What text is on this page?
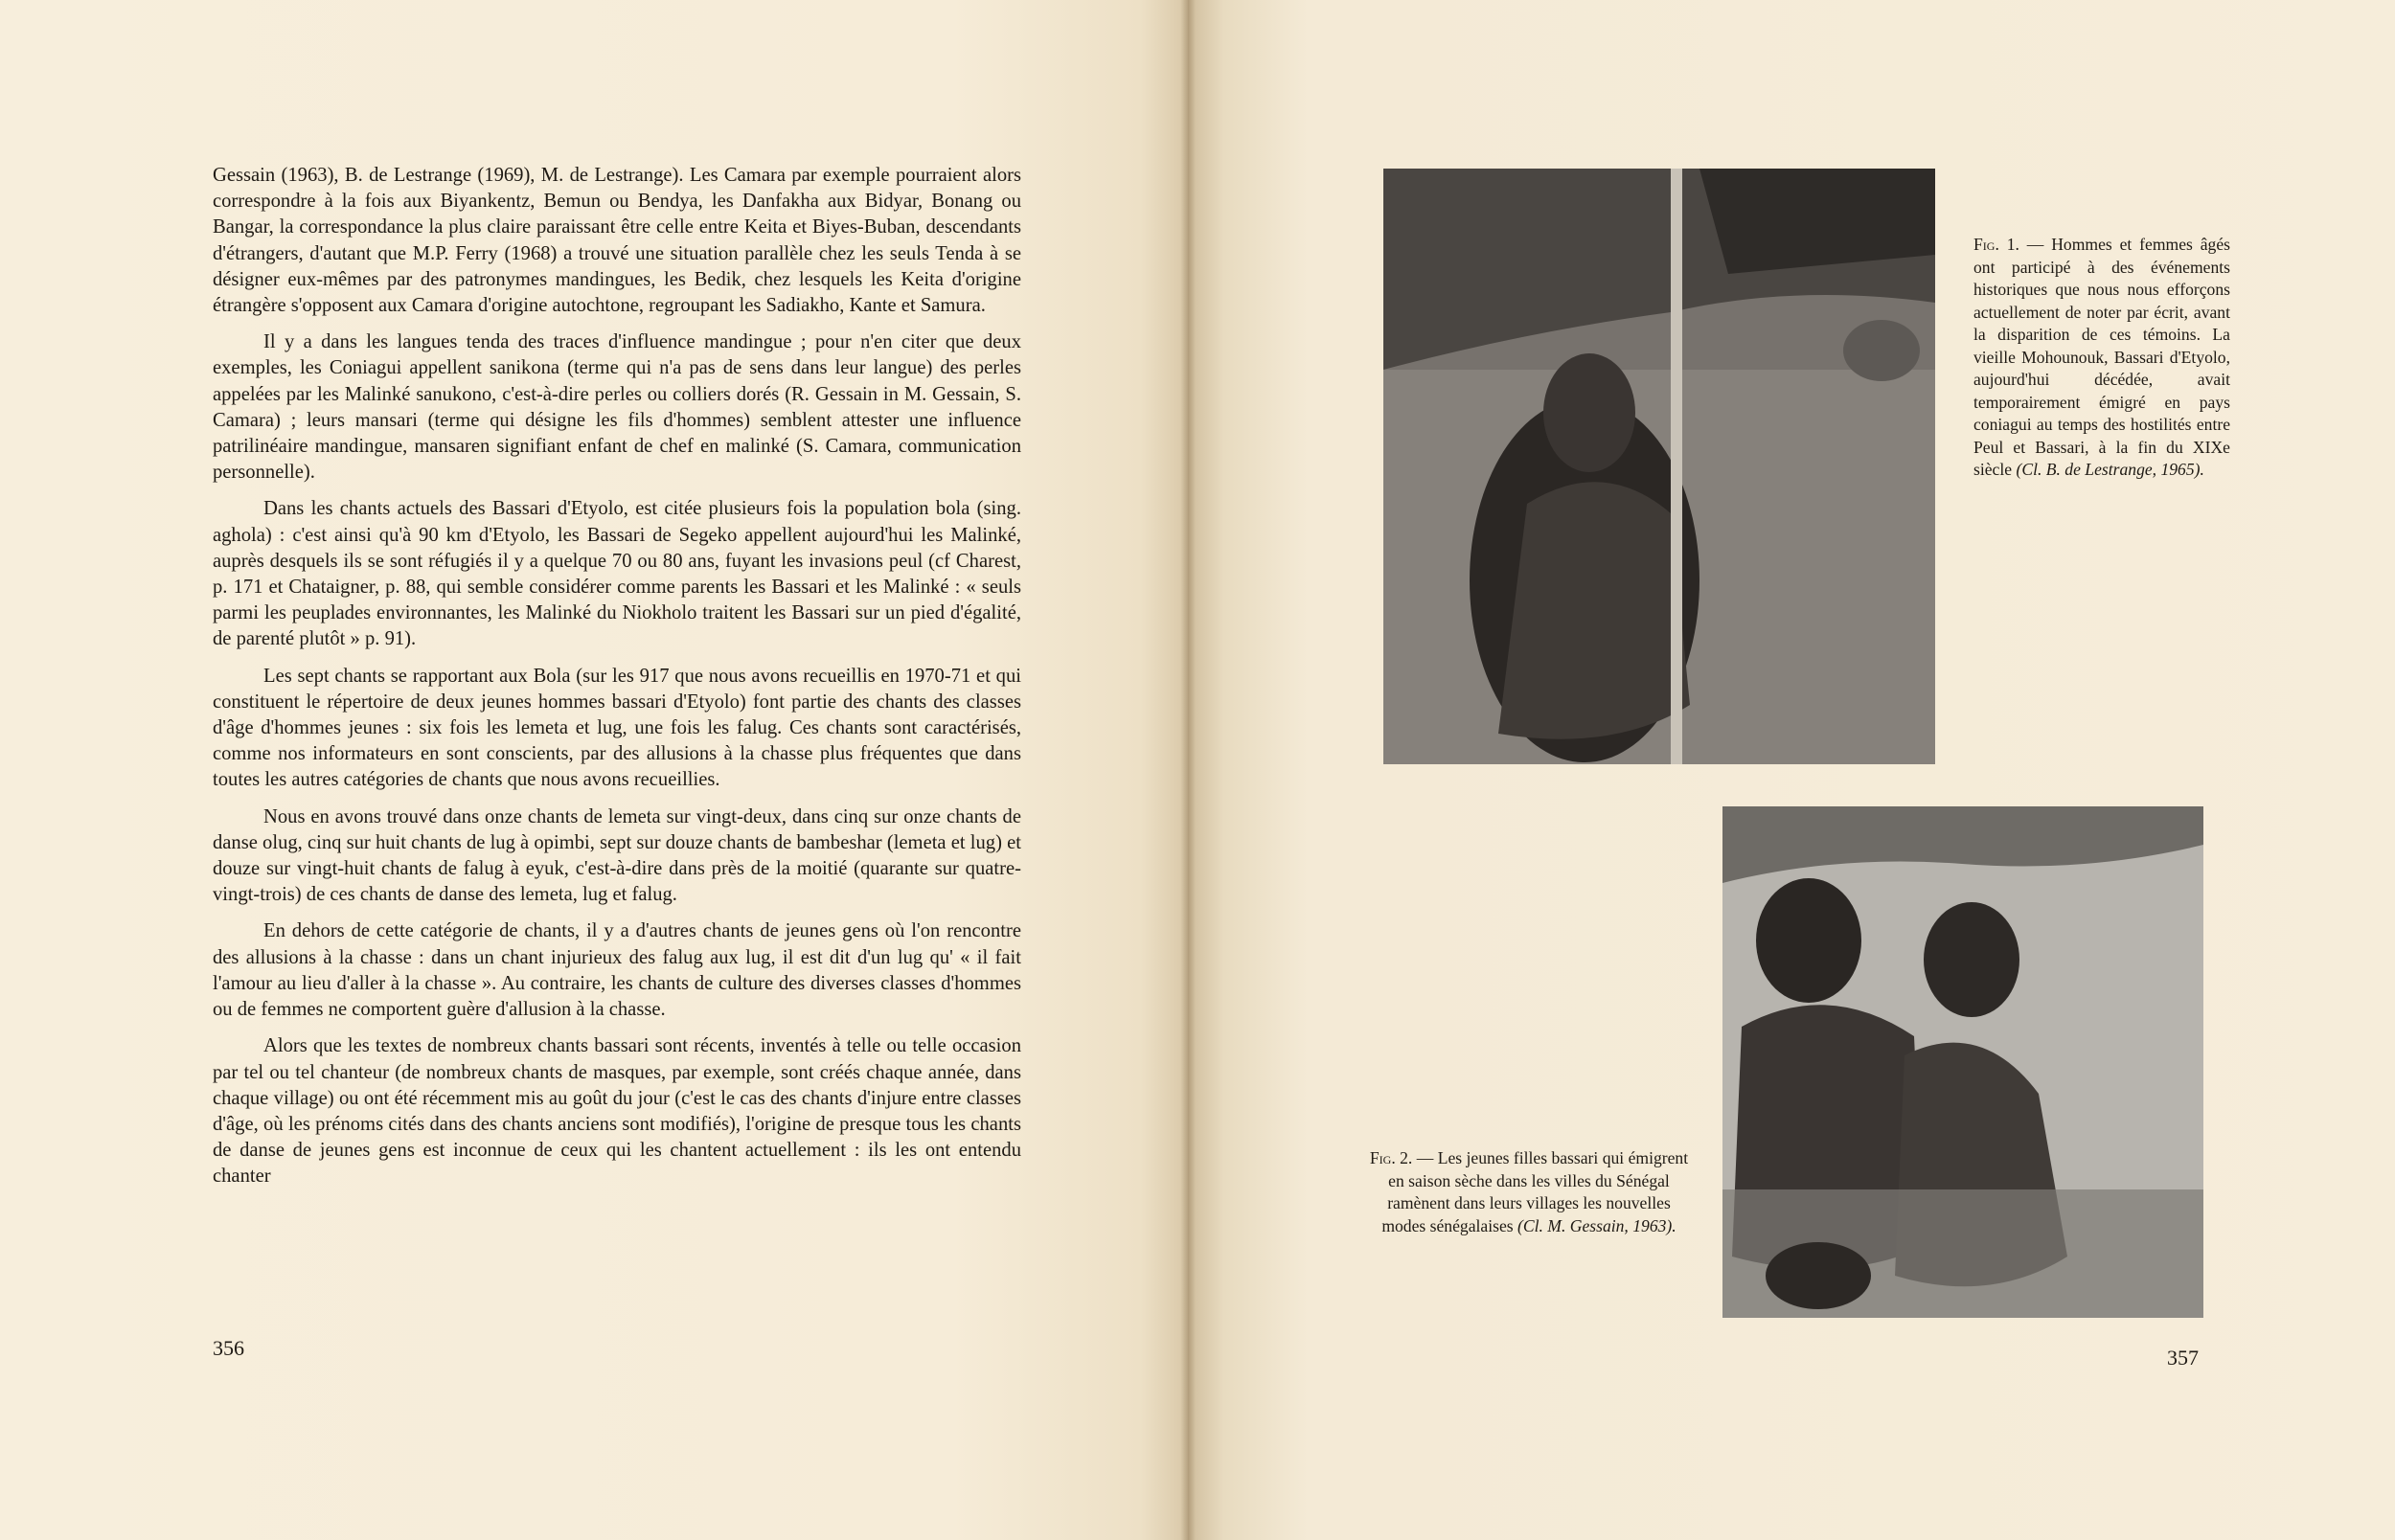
Gessain (1963), B. de Lestrange (1969), M. de Lestrange). Les Camara par exemple pourraient alors correspondre à la fois aux Biyankentz, Bemun ou Bendya, les Danfakha aux Bidyar, Bonang ou Bangar, la correspondance la plus claire paraissant être celle entre Keita et Biyes-Buban, descendants d'étrangers, d'autant que M.P. Ferry (1968) a trouvé une situation parallèle chez les seuls Tenda à se désigner eux-mêmes par des patronymes mandingues, les Bedik, chez lesquels les Keita d'origine étrangère s'opposent aux Camara d'origine autochtone, regroupant les Sadiakho, Kante et Samura.

Il y a dans les langues tenda des traces d'influence mandingue ; pour n'en citer que deux exemples, les Coniagui appellent sanikona (terme qui n'a pas de sens dans leur langue) des perles appelées par les Malinké sanukono, c'est-à-dire perles ou colliers dorés (R. Gessain in M. Gessain, S. Camara) ; leurs mansari (terme qui désigne les fils d'hommes) semblent attester une influence patrilinéaire mandingue, mansaren signifiant enfant de chef en malinké (S. Camara, communication personnelle).

Dans les chants actuels des Bassari d'Etyolo, est citée plusieurs fois la population bola (sing. aghola) : c'est ainsi qu'à 90 km d'Etyolo, les Bassari de Segeko appellent aujourd'hui les Malinké, auprès desquels ils se sont réfugiés il y a quelque 70 ou 80 ans, fuyant les invasions peul (cf Charest, p. 171 et Chataigner, p. 88, qui semble considérer comme parents les Bassari et les Malinké : « seuls parmi les peuplades environnantes, les Malinké du Niokholo traitent les Bassari sur un pied d'égalité, de parenté plutôt » p. 91).

Les sept chants se rapportant aux Bola (sur les 917 que nous avons recueillis en 1970-71 et qui constituent le répertoire de deux jeunes hommes bassari d'Etyolo) font partie des chants des classes d'âge d'hommes jeunes : six fois les lemeta et lug, une fois les falug. Ces chants sont caractérisés, comme nos informateurs en sont conscients, par des allusions à la chasse plus fréquentes que dans toutes les autres catégories de chants que nous avons recueillies.

Nous en avons trouvé dans onze chants de lemeta sur vingt-deux, dans cinq sur onze chants de danse olug, cinq sur huit chants de lug à opimbi, sept sur douze chants de bambeshar (lemeta et lug) et douze sur vingt-huit chants de falug à eyuk, c'est-à-dire dans près de la moitié (quarante sur quatre-vingt-trois) de ces chants de danse des lemeta, lug et falug.

En dehors de cette catégorie de chants, il y a d'autres chants de jeunes gens où l'on rencontre des allusions à la chasse : dans un chant injurieux des falug aux lug, il est dit d'un lug qu' « il fait l'amour au lieu d'aller à la chasse ». Au contraire, les chants de culture des diverses classes d'hommes ou de femmes ne comportent guère d'allusion à la chasse.

Alors que les textes de nombreux chants bassari sont récents, inventés à telle ou telle occasion par tel ou tel chanteur (de nombreux chants de masques, par exemple, sont créés chaque année, dans chaque village) ou ont été récemment mis au goût du jour (c'est le cas des chants d'injure entre classes d'âge, où les prénoms cités dans des chants anciens sont modifiés), l'origine de presque tous les chants de danse de jeunes gens est inconnue de ceux qui les chantent actuellement : ils les ont entendu chanter

356
Fig. 1. — Hommes et femmes âgés ont participé à des événements historiques que nous nous efforçons actuellement de noter par écrit, avant la disparition de ces témoins. La vieille Mohounouk, Bassari d'Etyolo, aujourd'hui décédée, avait temporairement émigré en pays coniagui au temps des hostilités entre Peul et Bassari, à la fin du XIXe siècle (Cl. B. de Lestrange, 1965).
Fig. 2. — Les jeunes filles bassari qui émigrent en saison sèche dans les villes du Sénégal ramènent dans leurs villages les nouvelles modes sénégalaises (Cl. M. Gessain, 1963).
357
